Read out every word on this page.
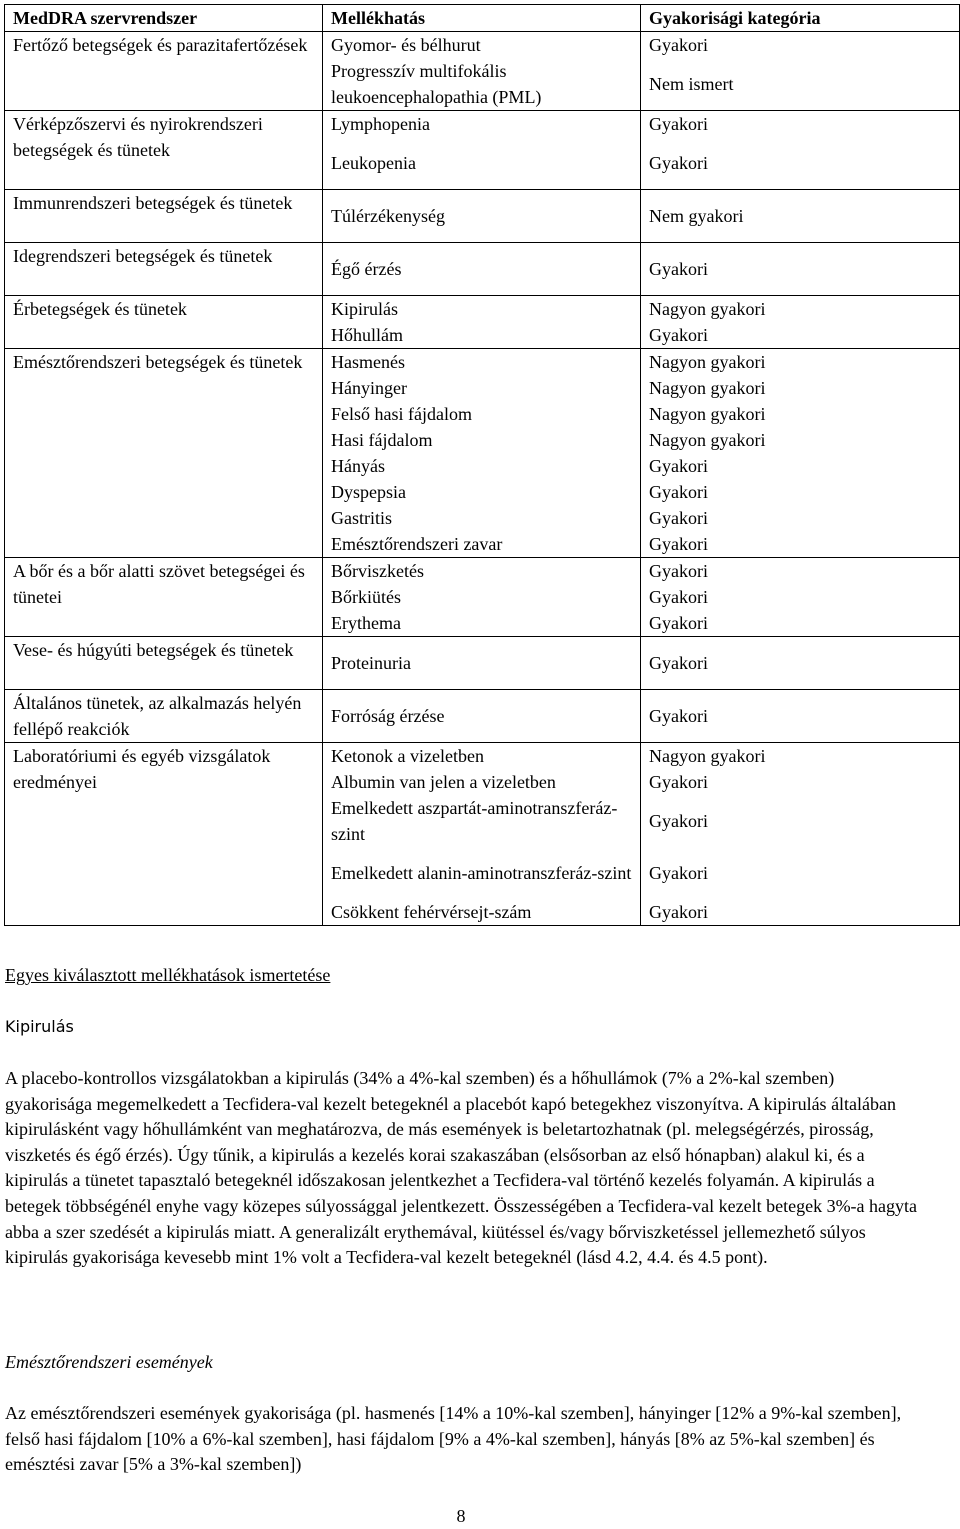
MedDRA szervrendszer	Mellékhatás	Gyakorisági kategória
Fertőző betegségek és parazitafertőzések	Gyomor- és bélhurut	Gyakori
	Progresszív multifokális leukoencephalopathia (PML)	Nem ismert
Vérképzőszervi és nyirokrendszeri betegségek és tünetek	Lymphopenia	Gyakori
	Leukopenia	Gyakori
Immunrendszeri betegségek és tünetek	Túlérzékenység	Nem gyakori
Idegrendszeri betegségek és tünetek	Égő érzés	Gyakori
Érbetegségek és tünetek	Kipirulás	Nagyon gyakori
	Hőhullám	Gyakori
Emésztőrendszeri betegségek és tünetek	Hasmenés	Nagyon gyakori
	Hányinger	Nagyon gyakori
	Felső hasi fájdalom	Nagyon gyakori
	Hasi fájdalom	Nagyon gyakori
	Hányás	Gyakori
	Dyspepsia	Gyakori
	Gastritis	Gyakori
	Emésztőrendszeri zavar	Gyakori
A bőr és a bőr alatti szövet betegségei és tünetei	Bőrviszketés	Gyakori
	Bőrkiütés	Gyakori
	Erythema	Gyakori
Vese- és húgyúti betegségek és tünetek	Proteinuria	Gyakori
Általános tünetek, az alkalmazás helyén fellépő reakciók	Forróság érzése	Gyakori
Laboratóriumi és egyéb vizsgálatok eredményei	Ketonok a vizeletben	Nagyon gyakori
	Albumin van jelen a vizeletben	Gyakori
	Emelkedett aszpartát-aminotranszferáz-szint	Gyakori
	Emelkedett alanin-aminotranszferáz-szint	Gyakori
	Csökkent fehérvérsejt-szám	Gyakori
Egyes kiválasztott mellékhatások ismertetése
Kipirulás
A placebo-kontrollos vizsgálatokban a kipirulás (34% a 4%-kal szemben) és a hőhullámok (7% a 2%-kal szemben) gyakorisága megemelkedett a Tecfidera-val kezelt betegeknél a placebót kapó betegekhez viszonyítva. A kipirulás általában kipirulásként vagy hőhullámként van meghatározva, de más események is beletartozhatnak (pl. melegségérzés, pirosság, viszketés és égő érzés). Úgy tűnik, a kipirulás a kezelés korai szakaszában (elsősorban az első hónapban) alakul ki, és a kipirulás a tünetet tapasztaló betegeknél időszakosan jelentkezhet a Tecfidera-val történő kezelés folyamán. A kipirulás a betegek többségénél enyhe vagy közepes súlyossággal jelentkezett. Összességében a Tecfidera-val kezelt betegek 3%-a hagyta abba a szer szedését a kipirulás miatt. A generalizált erythemával, kiütéssel és/vagy bőrviszketéssel jellemezhető súlyos kipirulás gyakorisága kevesebb mint 1% volt a Tecfidera-val kezelt betegeknél (lásd 4.2, 4.4. és 4.5 pont).
Emésztőrendszeri események
Az emésztőrendszeri események gyakorisága (pl. hasmenés [14% a 10%-kal szemben], hányinger [12% a 9%-kal szemben], felső hasi fájdalom [10% a 6%-kal szemben], hasi fájdalom [9% a 4%-kal szemben], hányás [8% az 5%-kal szemben] és emésztési zavar [5% a 3%-kal szemben])
8
